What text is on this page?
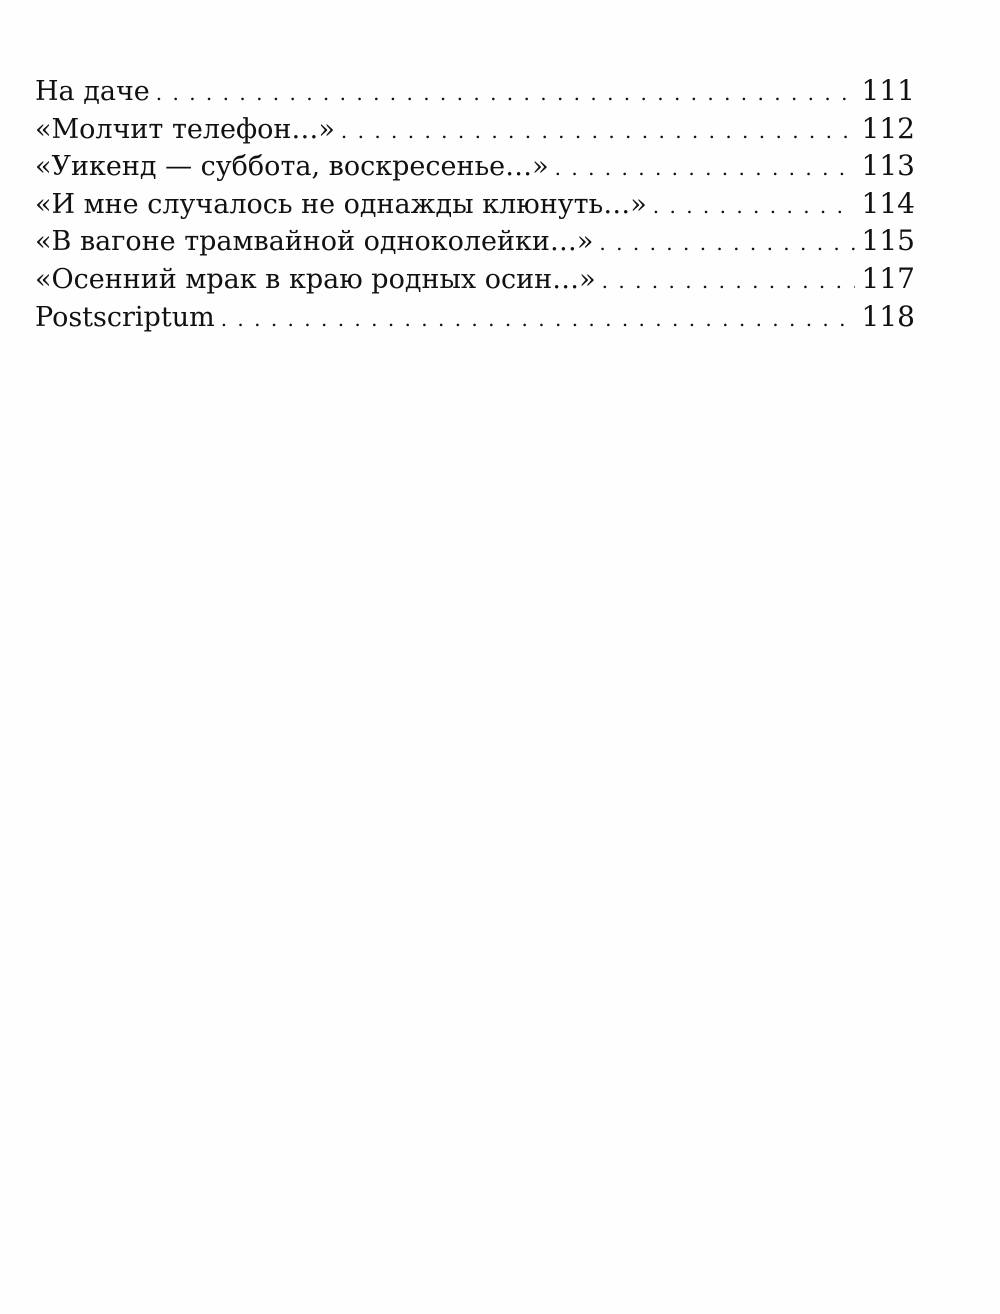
На даче . . .	111
«Молчит телефон…» . . .	112
«Уикенд — суббота, воскресенье…» . . .	113
«И мне случалось не однажды клюнуть…» . . .	114
«В вагоне трамвайной одноколейки…» . . .	115
«Осенний мрак в краю родных осин…» . . .	117
Postscriptum . . .	118
